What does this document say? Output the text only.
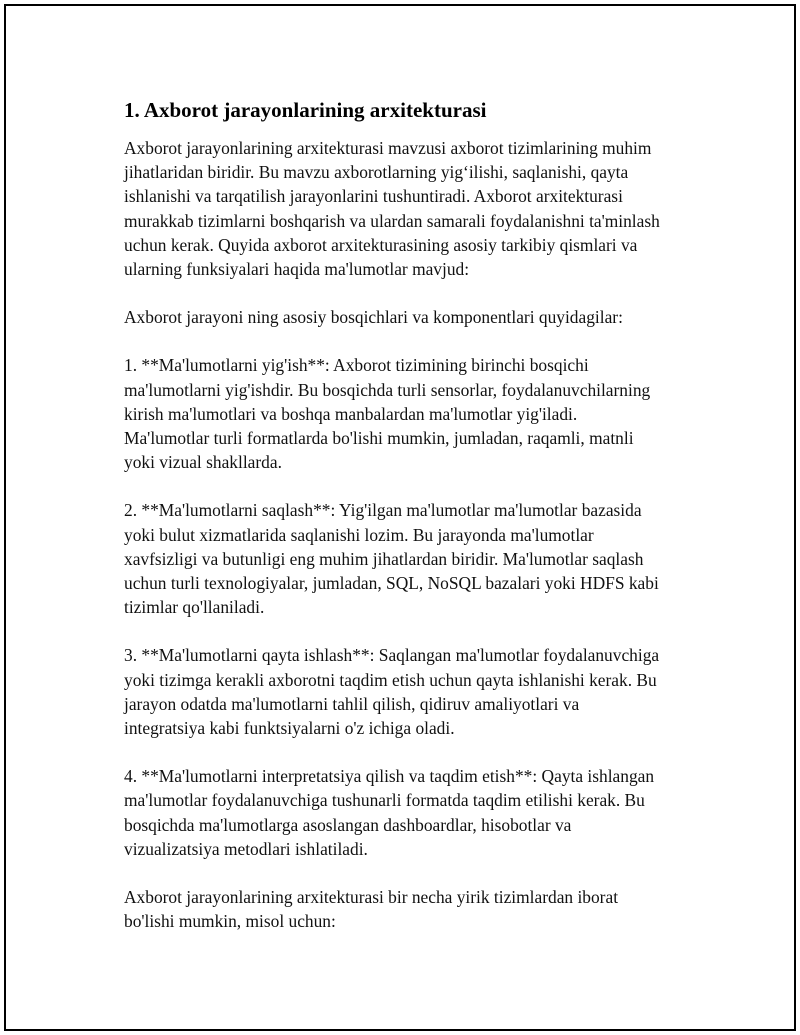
1. Axborot jarayonlarining arxitekturasi

Axborot jarayonlarining arxitekturasi mavzusi axborot tizimlarining muhim
jihatlaridan biridir. Bu mavzu axborotlarning yig‘ilishi, saqlanishi, qayta
ishlanishi va tarqatilish jarayonlarini tushuntiradi. Axborot arxitekturasi
murakkab tizimlarni boshqarish va ulardan samarali foydalanishni ta'minlash
uchun kerak. Quyida axborot arxitekturasining asosiy tarkibiy qismlari va
ularning funksiyalari haqida ma'lumotlar mavjud:

Axborot jarayoni ning asosiy bosqichlari va komponentlari quyidagilar:

1. **Ma'lumotlarni yig'ish**: Axborot tizimining birinchi bosqichi
ma'lumotlarni yig'ishdir. Bu bosqichda turli sensorlar, foydalanuvchilarning
kirish ma'lumotlari va boshqa manbalardan ma'lumotlar yig'iladi.
Ma'lumotlar turli formatlarda bo'lishi mumkin, jumladan, raqamli, matnli
yoki vizual shakllarda.

2. **Ma'lumotlarni saqlash**: Yig'ilgan ma'lumotlar ma'lumotlar bazasida
yoki bulut xizmatlarida saqlanishi lozim. Bu jarayonda ma'lumotlar
xavfsizligi va butunligi eng muhim jihatlardan biridir. Ma'lumotlar saqlash
uchun turli texnologiyalar, jumladan, SQL, NoSQL bazalari yoki HDFS kabi
tizimlar qo'llaniladi.

3. **Ma'lumotlarni qayta ishlash**: Saqlangan ma'lumotlar foydalanuvchiga
yoki tizimga kerakli axborotni taqdim etish uchun qayta ishlanishi kerak. Bu
jarayon odatda ma'lumotlarni tahlil qilish, qidiruv amaliyotlari va
integratsiya kabi funktsiyalarni o'z ichiga oladi.

4. **Ma'lumotlarni interpretatsiya qilish va taqdim etish**: Qayta ishlangan
ma'lumotlar foydalanuvchiga tushunarli formatda taqdim etilishi kerak. Bu
bosqichda ma'lumotlarga asoslangan dashboardlar, hisobotlar va
vizualizatsiya metodlari ishlatiladi.

Axborot jarayonlarining arxitekturasi bir necha yirik tizimlardan iborat
bo'lishi mumkin, misol uchun:
